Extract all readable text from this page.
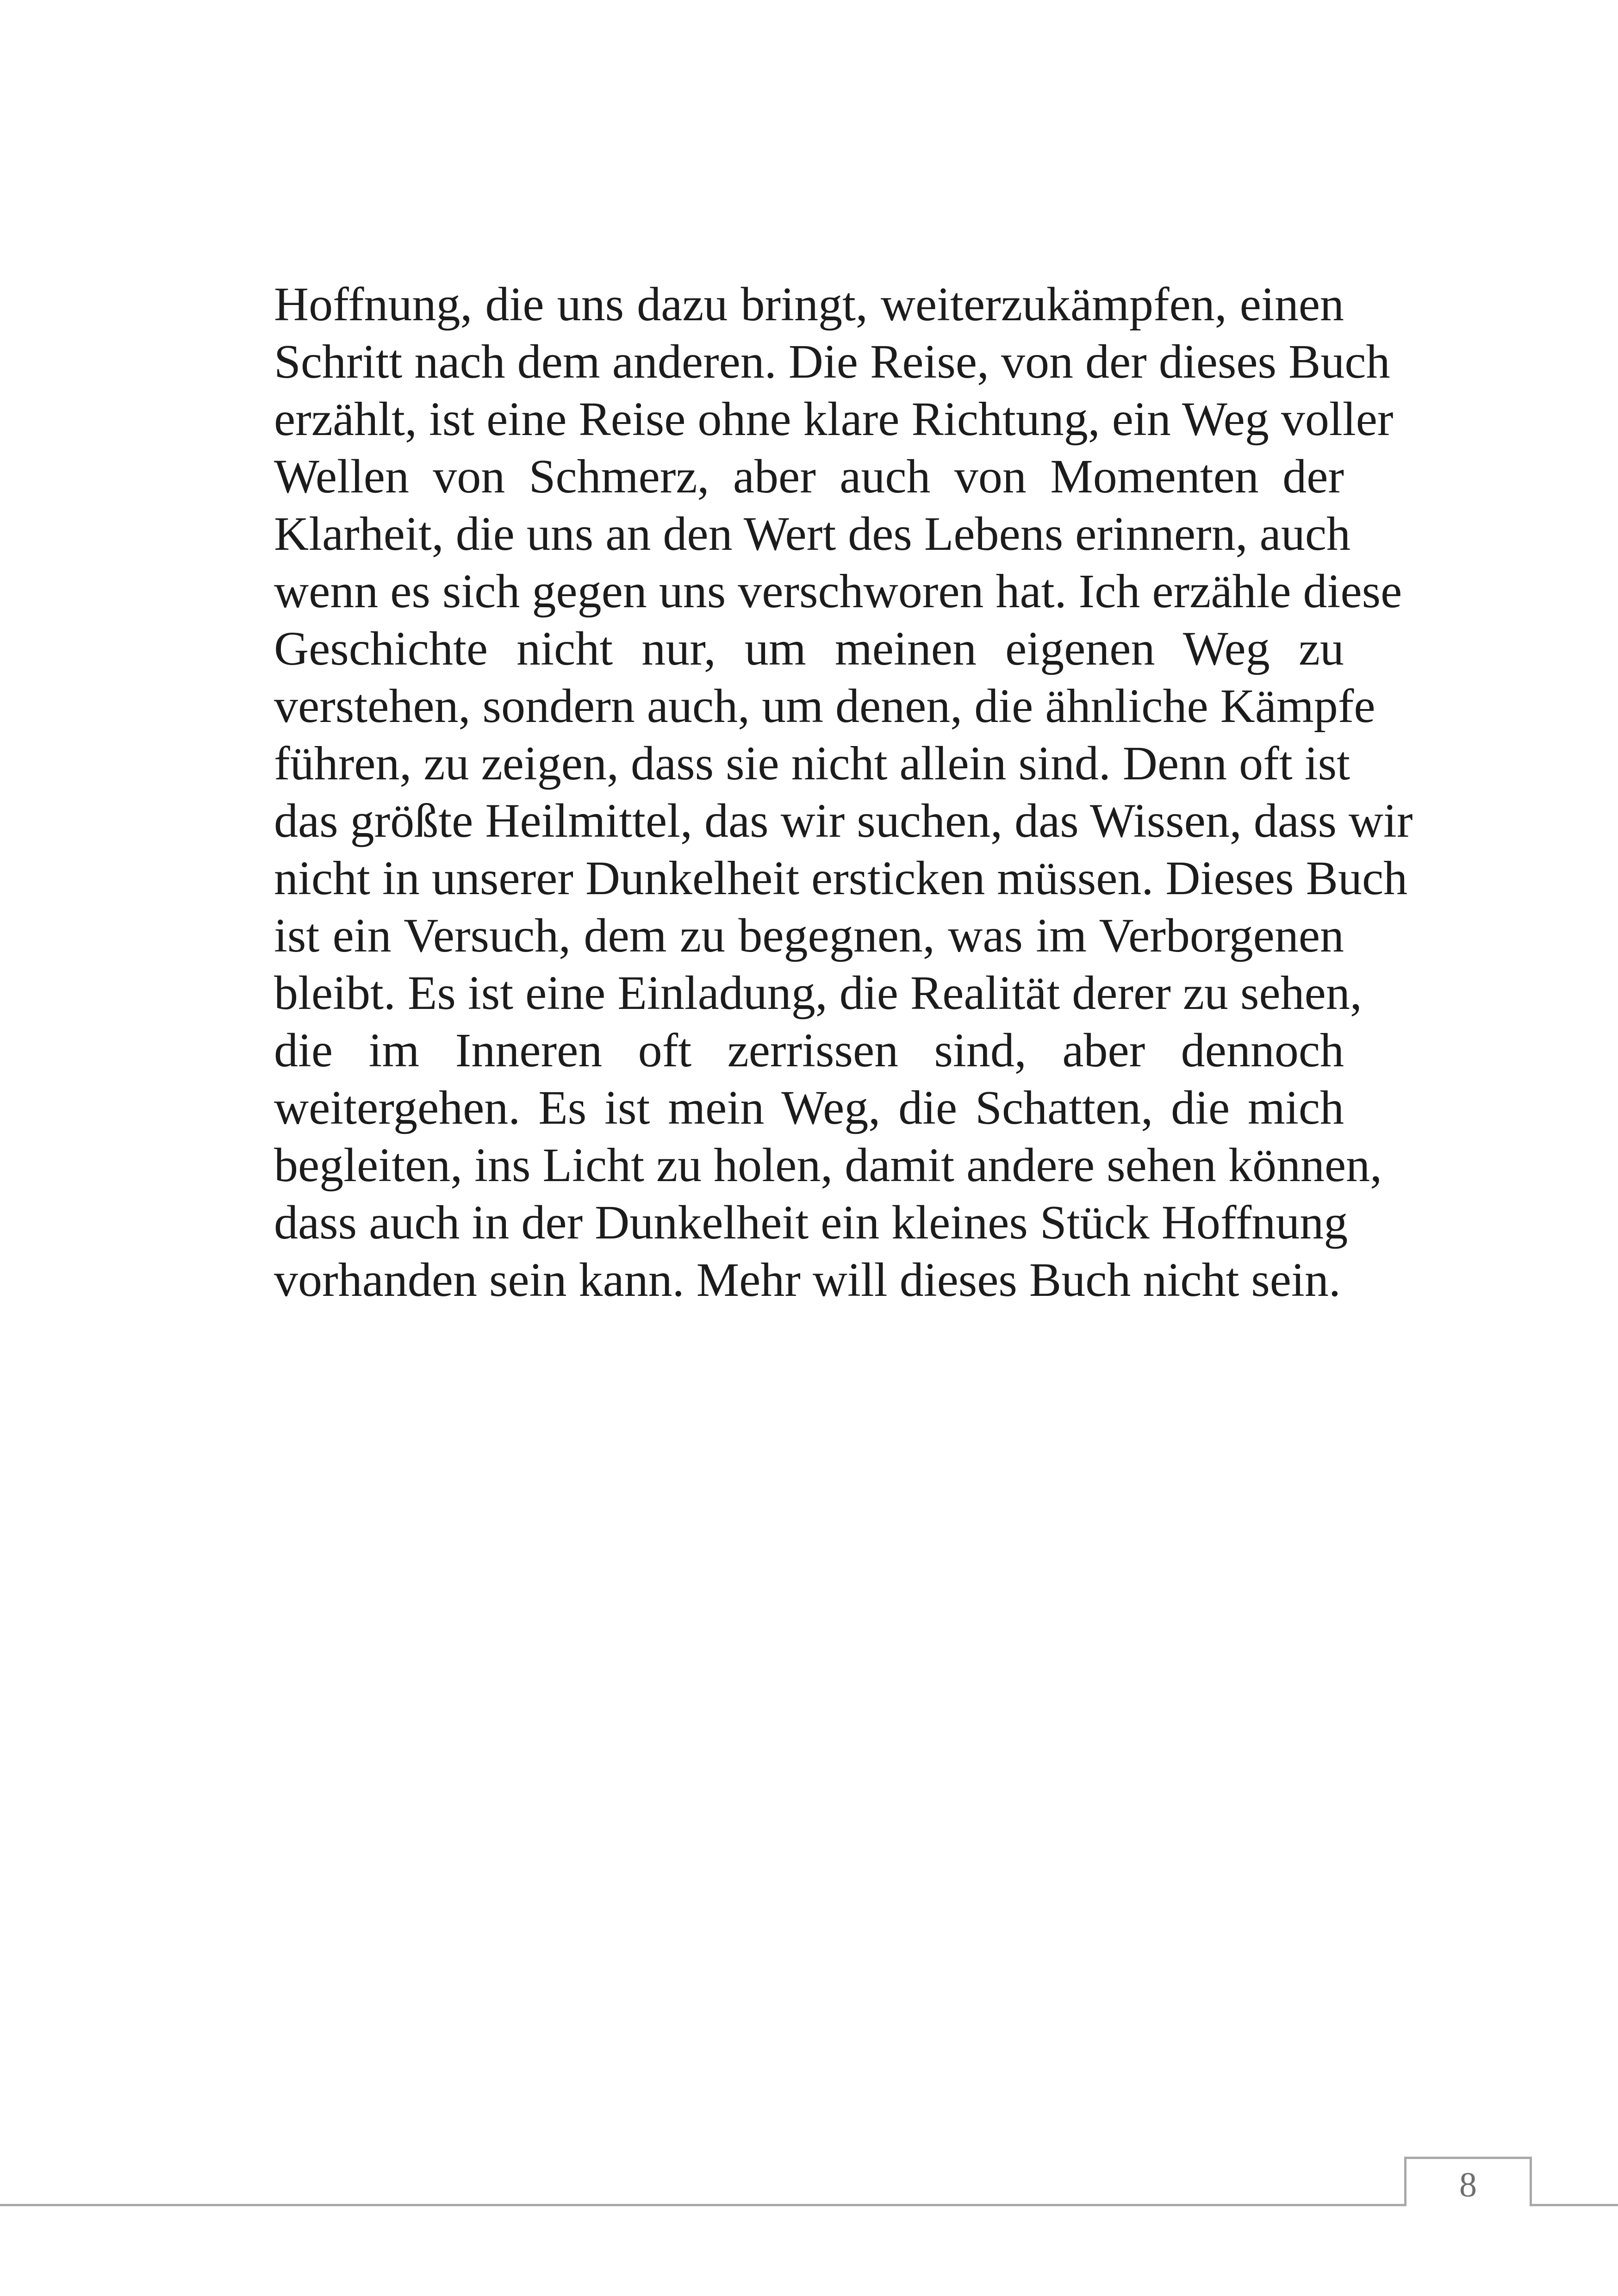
Hoffnung, die uns dazu bringt, weiterzukämpfen, einen
Schritt nach dem anderen. Die Reise, von der dieses Buch
erzählt, ist eine Reise ohne klare Richtung, ein Weg voller
Wellen von Schmerz, aber auch von Momenten der
Klarheit, die uns an den Wert des Lebens erinnern, auch
wenn es sich gegen uns verschworen hat. Ich erzähle diese
Geschichte nicht nur, um meinen eigenen Weg zu
verstehen, sondern auch, um denen, die ähnliche Kämpfe
führen, zu zeigen, dass sie nicht allein sind. Denn oft ist
das größte Heilmittel, das wir suchen, das Wissen, dass wir
nicht in unserer Dunkelheit ersticken müssen. Dieses Buch
ist ein Versuch, dem zu begegnen, was im Verborgenen
bleibt. Es ist eine Einladung, die Realität derer zu sehen,
die im Inneren oft zerrissen sind, aber dennoch
weitergehen. Es ist mein Weg, die Schatten, die mich
begleiten, ins Licht zu holen, damit andere sehen können,
dass auch in der Dunkelheit ein kleines Stück Hoffnung
vorhanden sein kann. Mehr will dieses Buch nicht sein.
8
